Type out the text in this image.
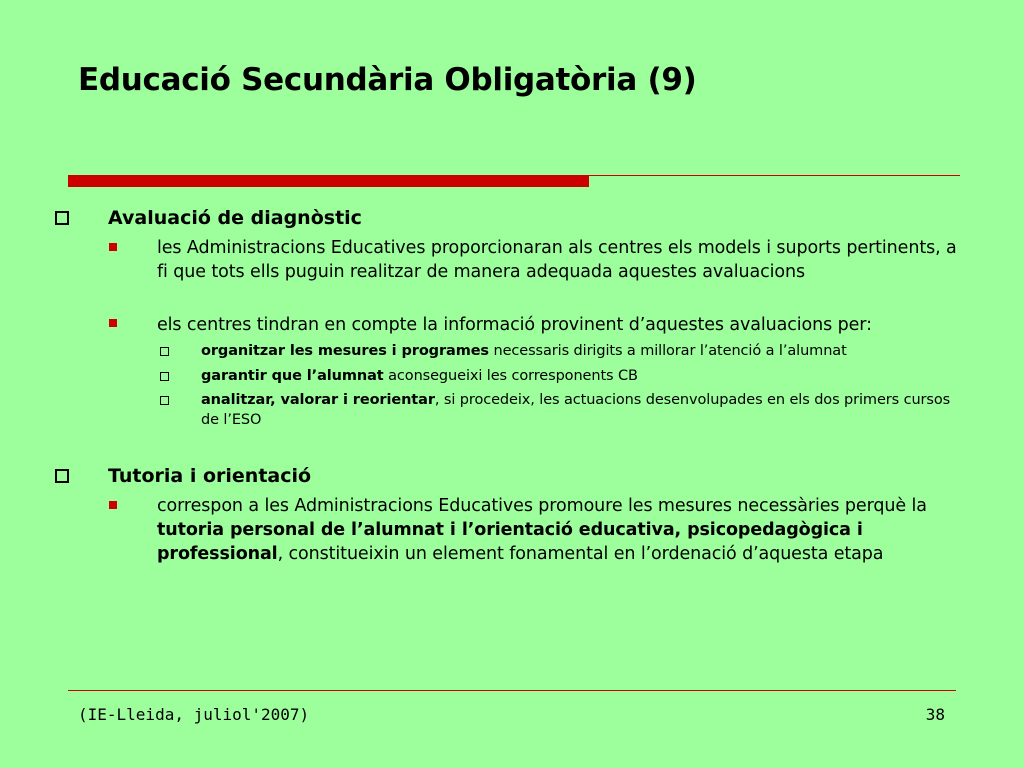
Educació Secundària Obligatòria (9)
Avaluació de diagnòstic
les Administracions Educatives proporcionaran als centres els models i suports pertinents, a fi que tots ells puguin realitzar de manera adequada aquestes avaluacions
els centres tindran en compte la informació provinent d’aquestes avaluacions per:
organitzar les mesures i programes necessaris dirigits a millorar l’atenció a l’alumnat
garantir que l’alumnat aconsegueixi les corresponents CB
analitzar, valorar i reorientar, si procedeix, les actuacions desenvolupades en els dos primers cursos de l’ESO
Tutoria i orientació
correspon a les Administracions Educatives promoure les mesures necessàries perquè la tutoria personal de l’alumnat i l’orientació educativa, psicopedagògica i professional, constitueixin un element fonamental en l’ordenació d’aquesta etapa
(IE-Lleida, juliol'2007)	38
